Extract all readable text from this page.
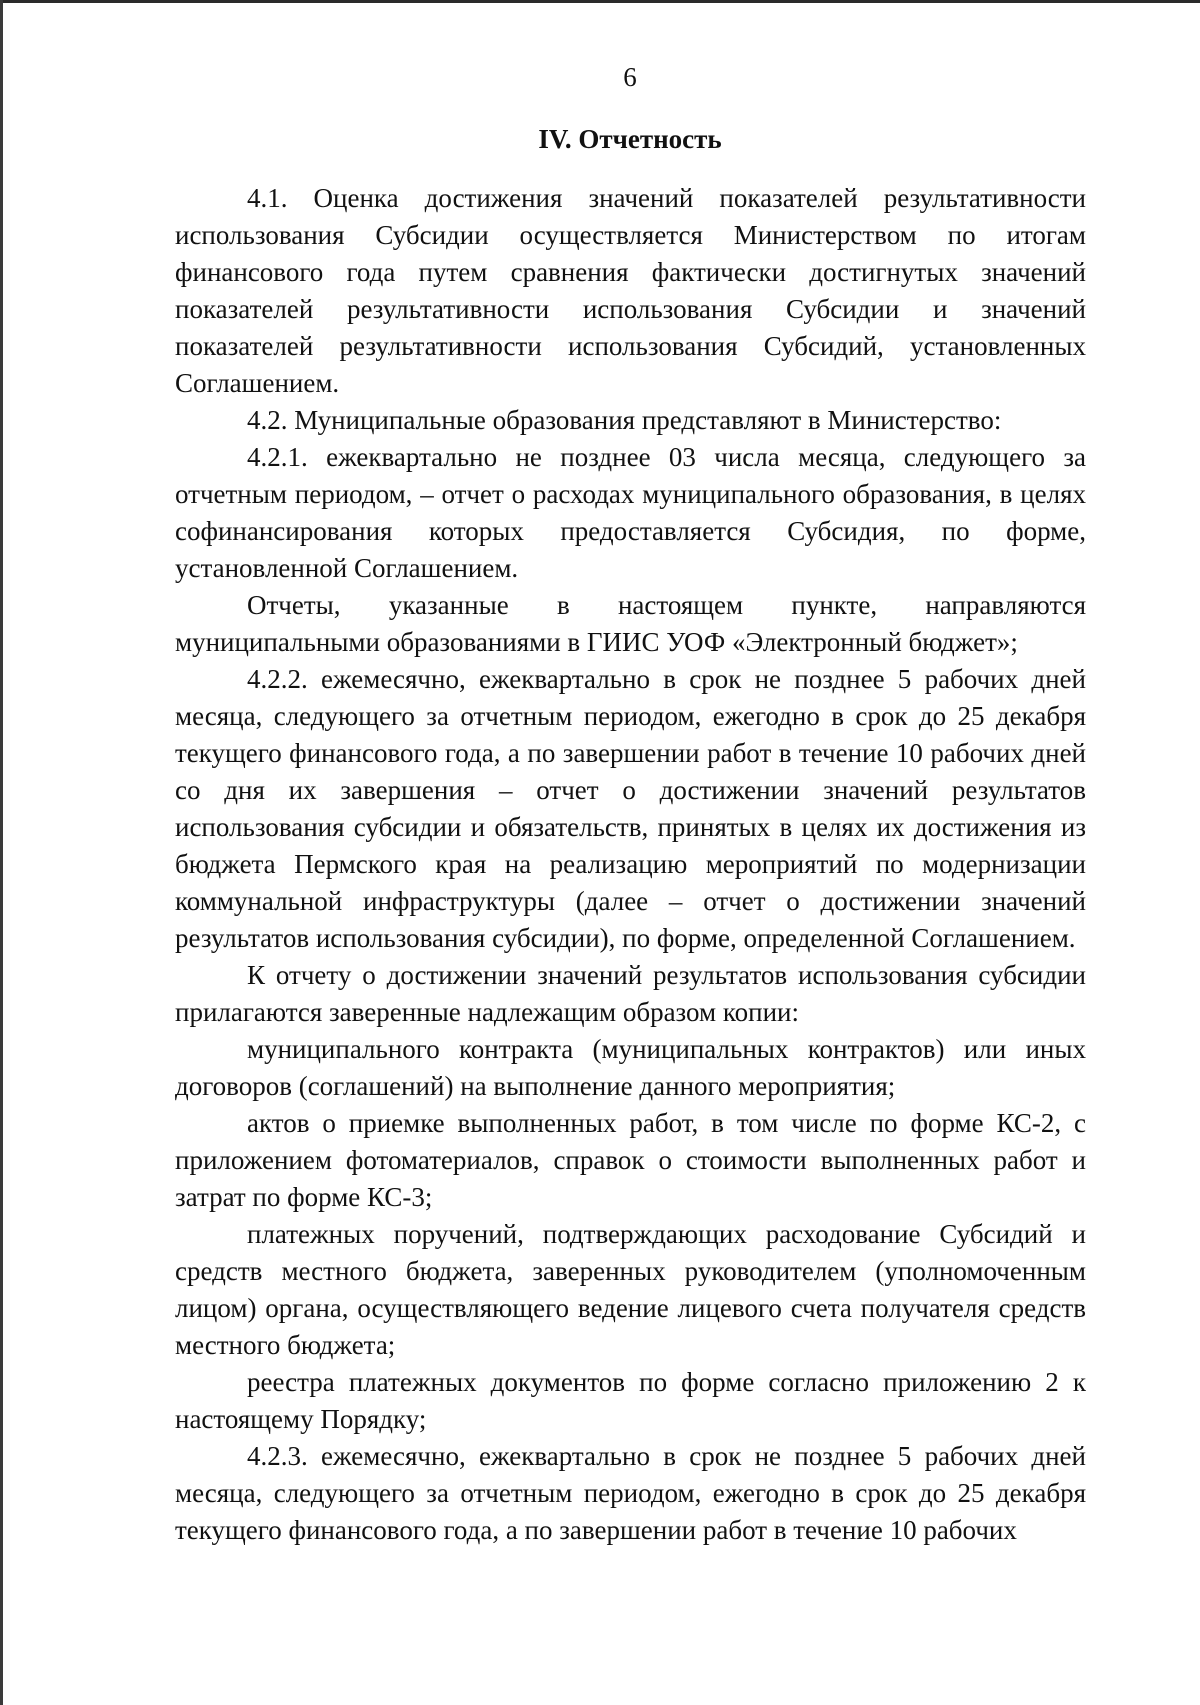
6
IV. Отчетность

4.1. Оценка достижения значений показателей результативности использования Субсидии осуществляется Министерством по итогам финансового года путем сравнения фактически достигнутых значений показателей результативности использования Субсидии и значений показателей результативности использования Субсидий, установленных Соглашением.

4.2. Муниципальные образования представляют в Министерство:

4.2.1. ежеквартально не позднее 03 числа месяца, следующего за отчетным периодом, – отчет о расходах муниципального образования, в целях софинансирования которых предоставляется Субсидия, по форме, установленной Соглашением.

Отчеты, указанные в настоящем пункте, направляются муниципальными образованиями в ГИИС УОФ «Электронный бюджет»;

4.2.2. ежемесячно, ежеквартально в срок не позднее 5 рабочих дней месяца, следующего за отчетным периодом, ежегодно в срок до 25 декабря текущего финансового года, а по завершении работ в течение 10 рабочих дней со дня их завершения – отчет о достижении значений результатов использования субсидии и обязательств, принятых в целях их достижения из бюджета Пермского края на реализацию мероприятий по модернизации коммунальной инфраструктуры (далее – отчет о достижении значений результатов использования субсидии), по форме, определенной Соглашением.

К отчету о достижении значений результатов использования субсидии прилагаются заверенные надлежащим образом копии:

муниципального контракта (муниципальных контрактов) или иных договоров (соглашений) на выполнение данного мероприятия;

актов о приемке выполненных работ, в том числе по форме КС-2, с приложением фотоматериалов, справок о стоимости выполненных работ и затрат по форме КС-3;

платежных поручений, подтверждающих расходование Субсидий и средств местного бюджета, заверенных руководителем (уполномоченным лицом) органа, осуществляющего ведение лицевого счета получателя средств местного бюджета;

реестра платежных документов по форме согласно приложению 2 к настоящему Порядку;

4.2.3. ежемесячно, ежеквартально в срок не позднее 5 рабочих дней месяца, следующего за отчетным периодом, ежегодно в срок до 25 декабря текущего финансового года, а по завершении работ в течение 10 рабочих
